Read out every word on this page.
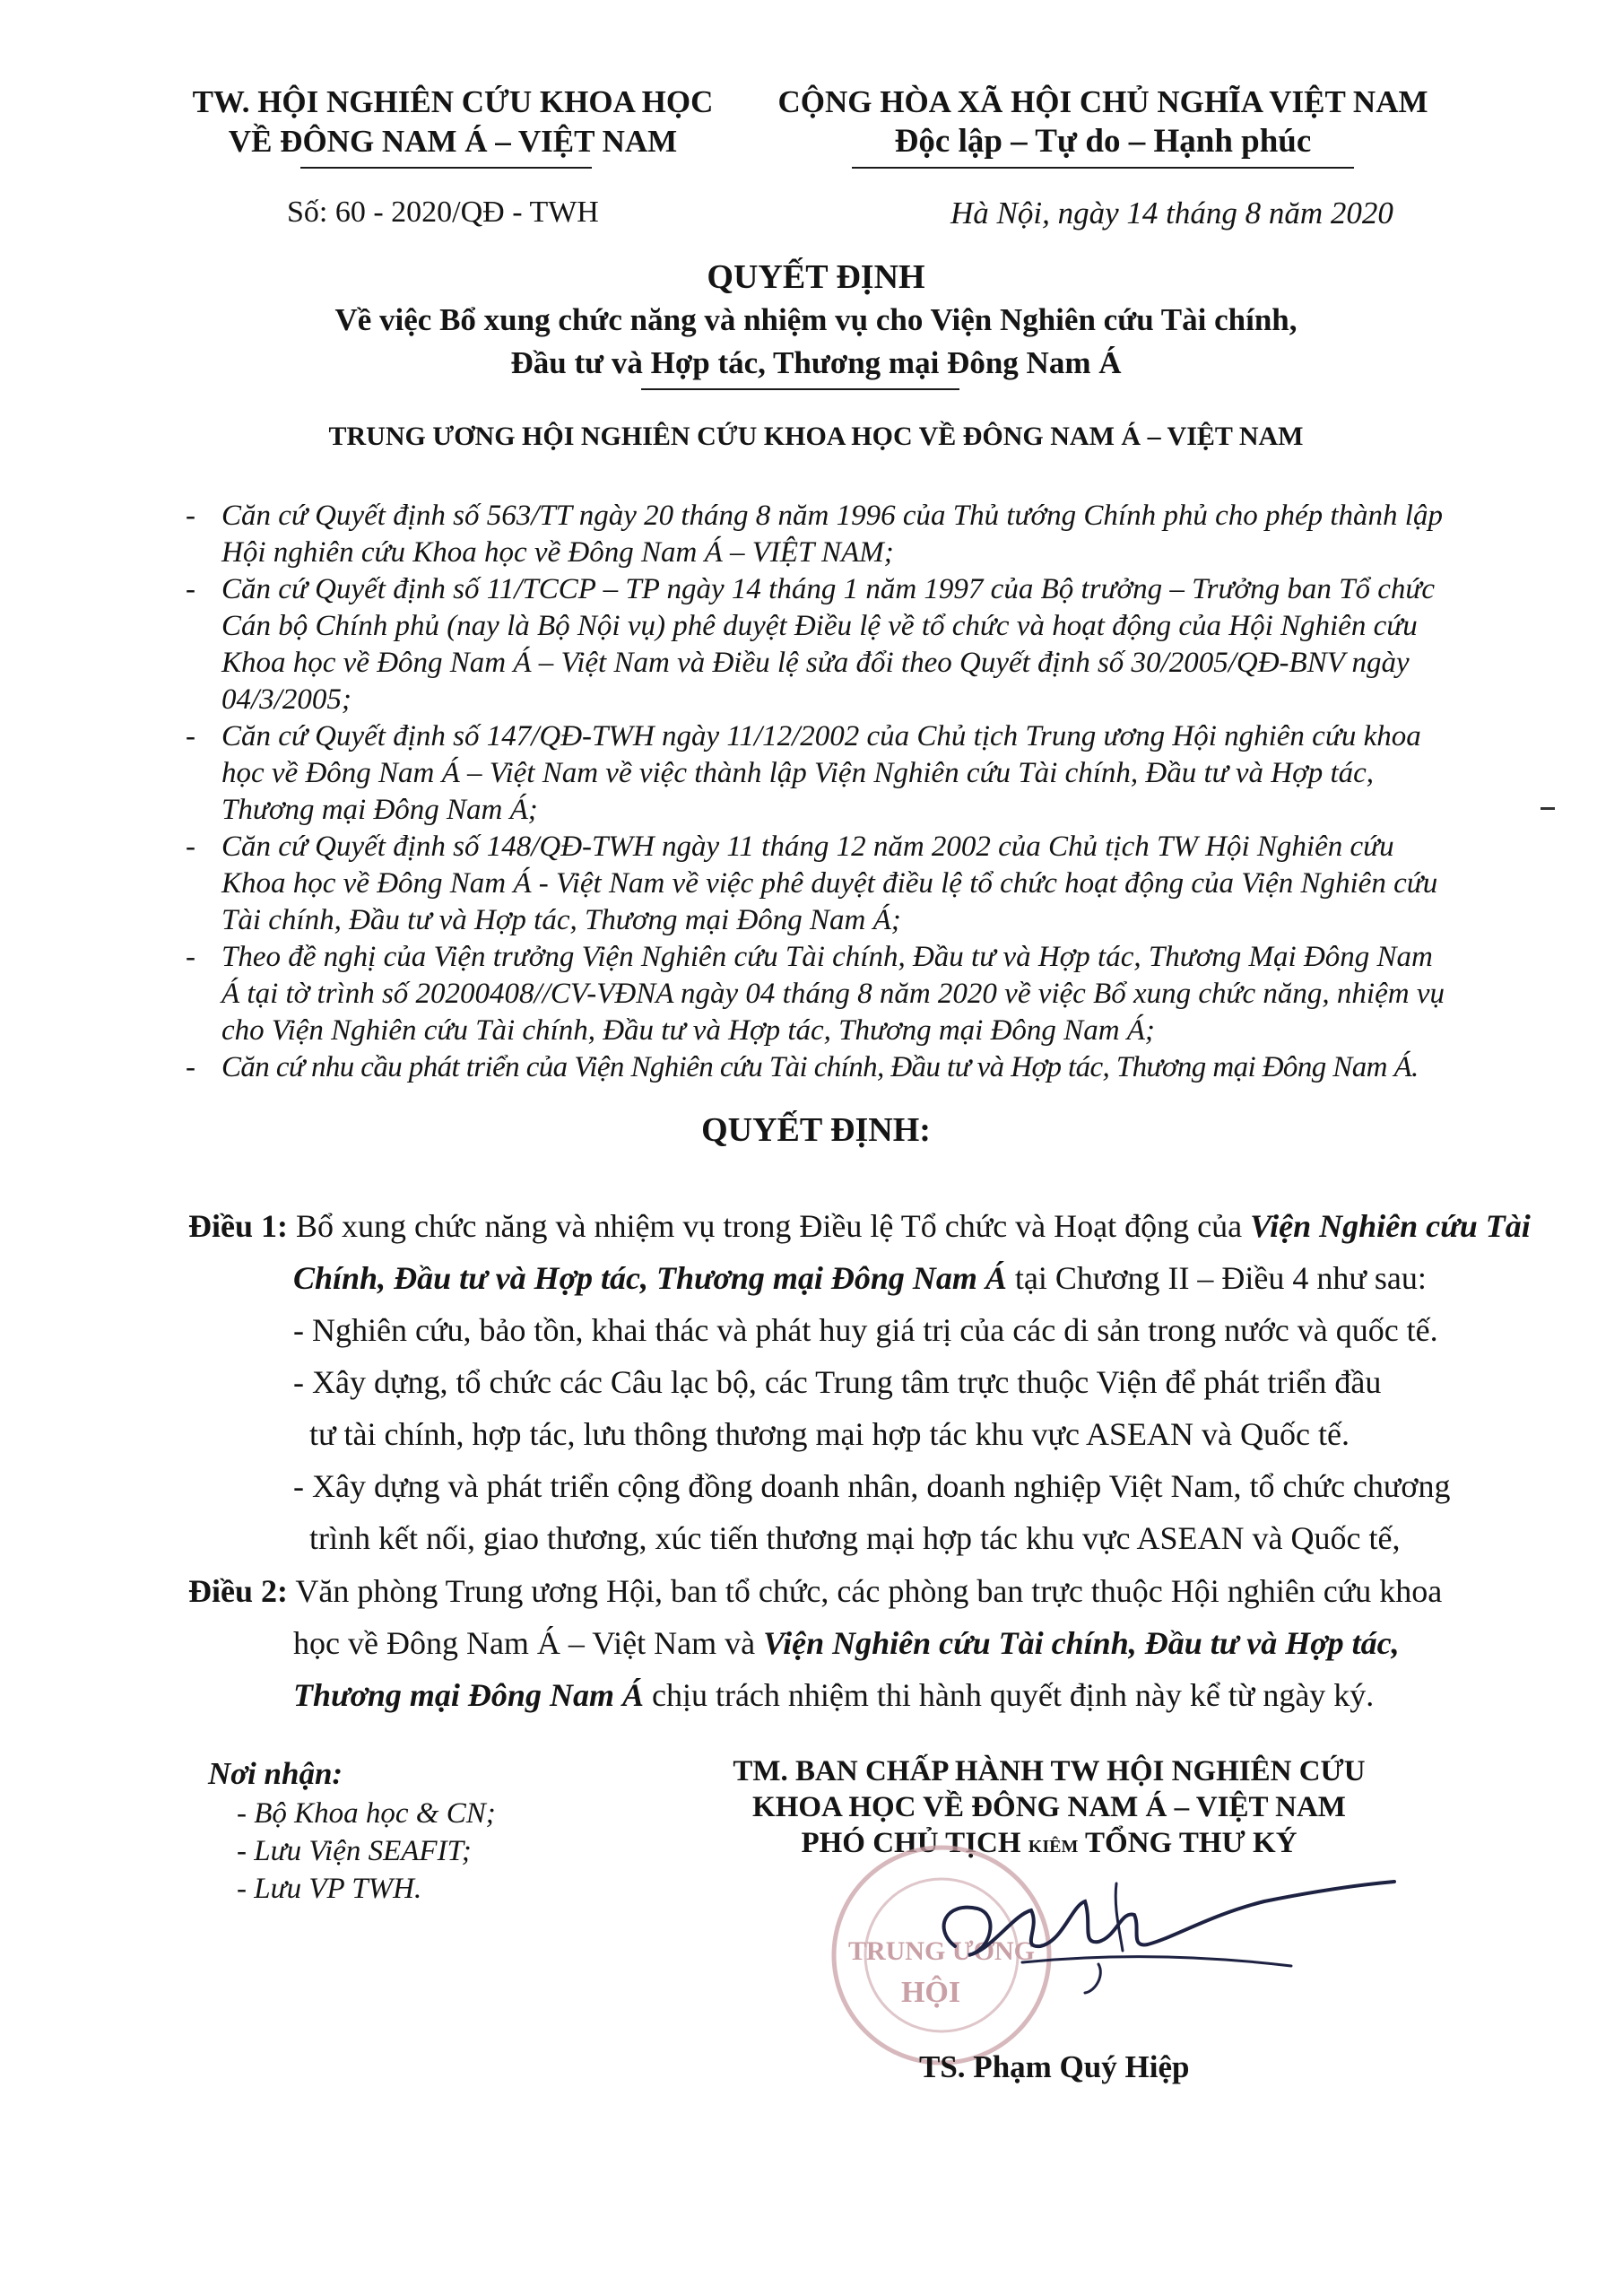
TW. HỘI NGHIÊN CỨU KHOA HỌC
VỀ ĐÔNG NAM Á – VIỆT NAM
Số: 60 - 2020/QĐ - TWH
CỘNG HÒA XÃ HỘI CHỦ NGHĨA VIỆT NAM
Độc lập – Tự do – Hạnh phúc
Hà Nội, ngày 14 tháng 8 năm 2020
QUYẾT ĐỊNH
Về việc Bổ xung chức năng và nhiệm vụ cho Viện Nghiên cứu Tài chính,
Đầu tư và Hợp tác, Thương mại Đông Nam Á
TRUNG ƯƠNG HỘI NGHIÊN CỨU KHOA HỌC VỀ ĐÔNG NAM Á – VIỆT NAM
- Căn cứ Quyết định số 563/TT ngày 20 tháng 8 năm 1996 của Thủ tướng Chính phủ cho phép thành lập Hội nghiên cứu Khoa học về Đông Nam Á – VIỆT NAM;
- Căn cứ Quyết định số 11/TCCP – TP ngày 14 tháng 1 năm 1997 của Bộ trưởng – Trưởng ban Tổ chức Cán bộ Chính phủ (nay là Bộ Nội vụ) phê duyệt Điều lệ về tổ chức và hoạt động của Hội Nghiên cứu Khoa học về Đông Nam Á – Việt Nam và Điều lệ sửa đổi theo Quyết định số 30/2005/QĐ-BNV ngày 04/3/2005;
- Căn cứ Quyết định số 147/QĐ-TWH ngày 11/12/2002 của Chủ tịch Trung ương Hội nghiên cứu khoa học về Đông Nam Á – Việt Nam về việc thành lập Viện Nghiên cứu Tài chính, Đầu tư và Hợp tác, Thương mại Đông Nam Á;
- Căn cứ Quyết định số 148/QĐ-TWH ngày 11 tháng 12 năm 2002 của Chủ tịch TW Hội Nghiên cứu Khoa học về Đông Nam Á - Việt Nam về việc phê duyệt điều lệ tổ chức hoạt động của Viện Nghiên cứu Tài chính, Đầu tư và Hợp tác, Thương mại Đông Nam Á;
- Theo đề nghị của Viện trưởng Viện Nghiên cứu Tài chính, Đầu tư và Hợp tác, Thương Mại Đông Nam Á tại tờ trình số 20200408//CV-VĐNA ngày 04 tháng 8 năm 2020 về việc Bổ xung chức năng, nhiệm vụ cho Viện Nghiên cứu Tài chính, Đầu tư và Hợp tác, Thương mại Đông Nam Á;
- Căn cứ nhu cầu phát triển của Viện Nghiên cứu Tài chính, Đầu tư và Hợp tác, Thương mại Đông Nam Á.
QUYẾT ĐỊNH:
Điều 1: Bổ xung chức năng và nhiệm vụ trong Điều lệ Tổ chức và Hoạt động của Viện Nghiên cứu Tài
Chính, Đầu tư và Hợp tác, Thương mại Đông Nam Á tại Chương II – Điều 4 như sau:
- Nghiên cứu, bảo tồn, khai thác và phát huy giá trị của các di sản trong nước và quốc tế.
- Xây dựng, tổ chức các Câu lạc bộ, các Trung tâm trực thuộc Viện để phát triển đầu
tư tài chính, hợp tác, lưu thông thương mại hợp tác khu vực ASEAN và Quốc tế.
- Xây dựng và phát triển cộng đồng doanh nhân, doanh nghiệp Việt Nam, tổ chức chương
trình kết nối, giao thương, xúc tiến thương mại hợp tác khu vực ASEAN và Quốc tế,
Điều 2: Văn phòng Trung ương Hội, ban tổ chức, các phòng ban trực thuộc Hội nghiên cứu khoa
học về Đông Nam Á – Việt Nam và Viện Nghiên cứu Tài chính, Đầu tư và Hợp tác,
Thương mại Đông Nam Á chịu trách nhiệm thi hành quyết định này kể từ ngày ký.
Nơi nhận:
- Bộ Khoa học & CN;
- Lưu Viện SEAFIT;
- Lưu VP TWH.
TM. BAN CHẤP HÀNH TW HỘI NGHIÊN CỨU
KHOA HỌC VỀ ĐÔNG NAM Á – VIỆT NAM
PHÓ CHỦ TỊCH KIÊM TỔNG THƯ KÝ
TRUNG ƯƠNG
HỘI
TS. Phạm Quý Hiệp
